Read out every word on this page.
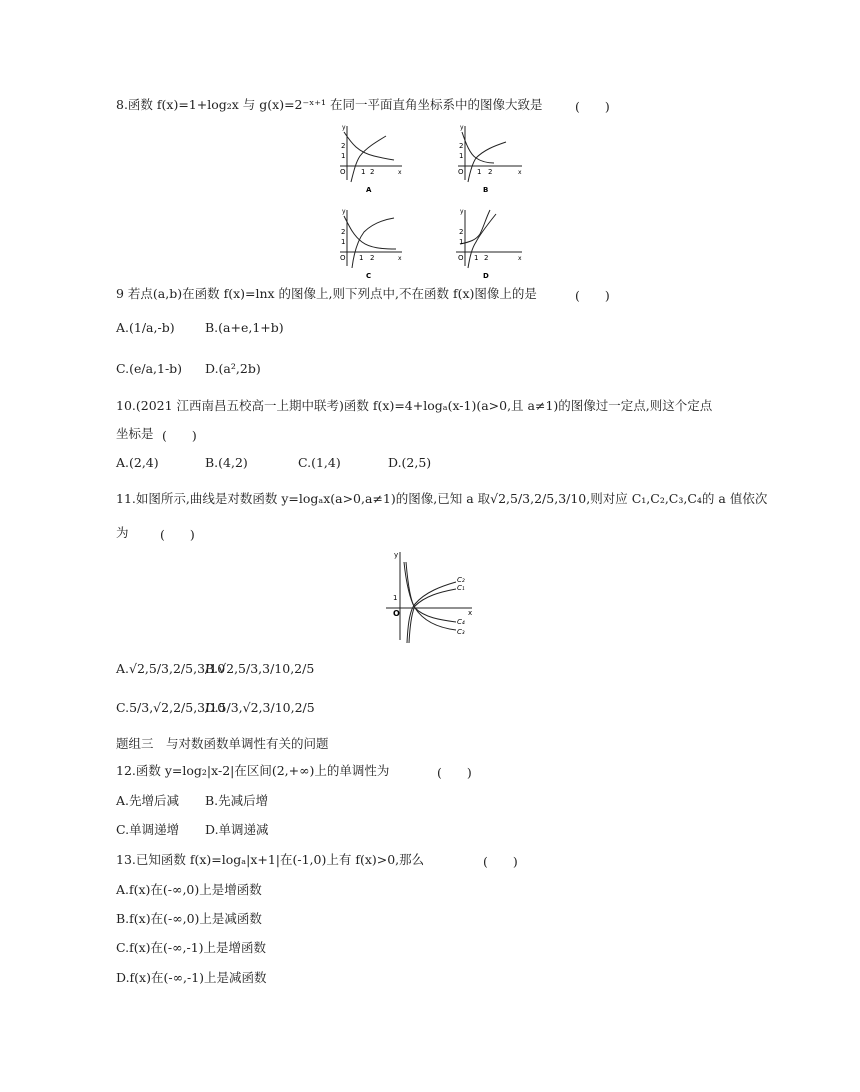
8.函数 f(x)=1+log₂x 与 g(x)=2⁻ˣ⁺¹ 在同一平面直角坐标系中的图像大致是	(　　)
y
x
O
2
1
1 2
A
y
x
O
2
1
1 2
B
y
x
O
2
1
1 2
C
y
x
O
2
1
1 2
D
9 若点(a,b)在函数 f(x)=lnx 的图像上,则下列点中,不在函数 f(x)图像上的是	(　　)
A.(1/a,-b) B.(a+e,1+b)
C.(e/a,1-b) D.(a²,2b)
10.(2021 江西南昌五校高一上期中联考)函数 f(x)=4+logₐ(x-1)(a>0,且 a≠1)的图像过一定点,则这个定点
坐标是 (　　)
A.(2,4)	B.(4,2)	C.(1,4)	D.(2,5)
11.如图所示,曲线是对数函数 y=logₐx(a>0,a≠1)的图像,已知 a 取√2,5/3,2/5,3/10,则对应 C₁,C₂,C₃,C₄的 a 值依次
为	(　　)
y
x
O
1
C₂
C₁
C₄
C₃
A.√2,5/3,2/5,3/10
B.√2,5/3,3/10,2/5
C.5/3,√2,2/5,3/10
D.5/3,√2,3/10,2/5
题组三　与对数函数单调性有关的问题
12.函数 y=log₂|x-2|在区间(2,+∞)上的单调性为	(　　)
A.先增后减 B.先减后增
C.单调递增 D.单调递减
13.已知函数 f(x)=logₐ|x+1|在(-1,0)上有 f(x)>0,那么	(　　)
A.f(x)在(-∞,0)上是增函数
B.f(x)在(-∞,0)上是减函数
C.f(x)在(-∞,-1)上是增函数
D.f(x)在(-∞,-1)上是减函数
